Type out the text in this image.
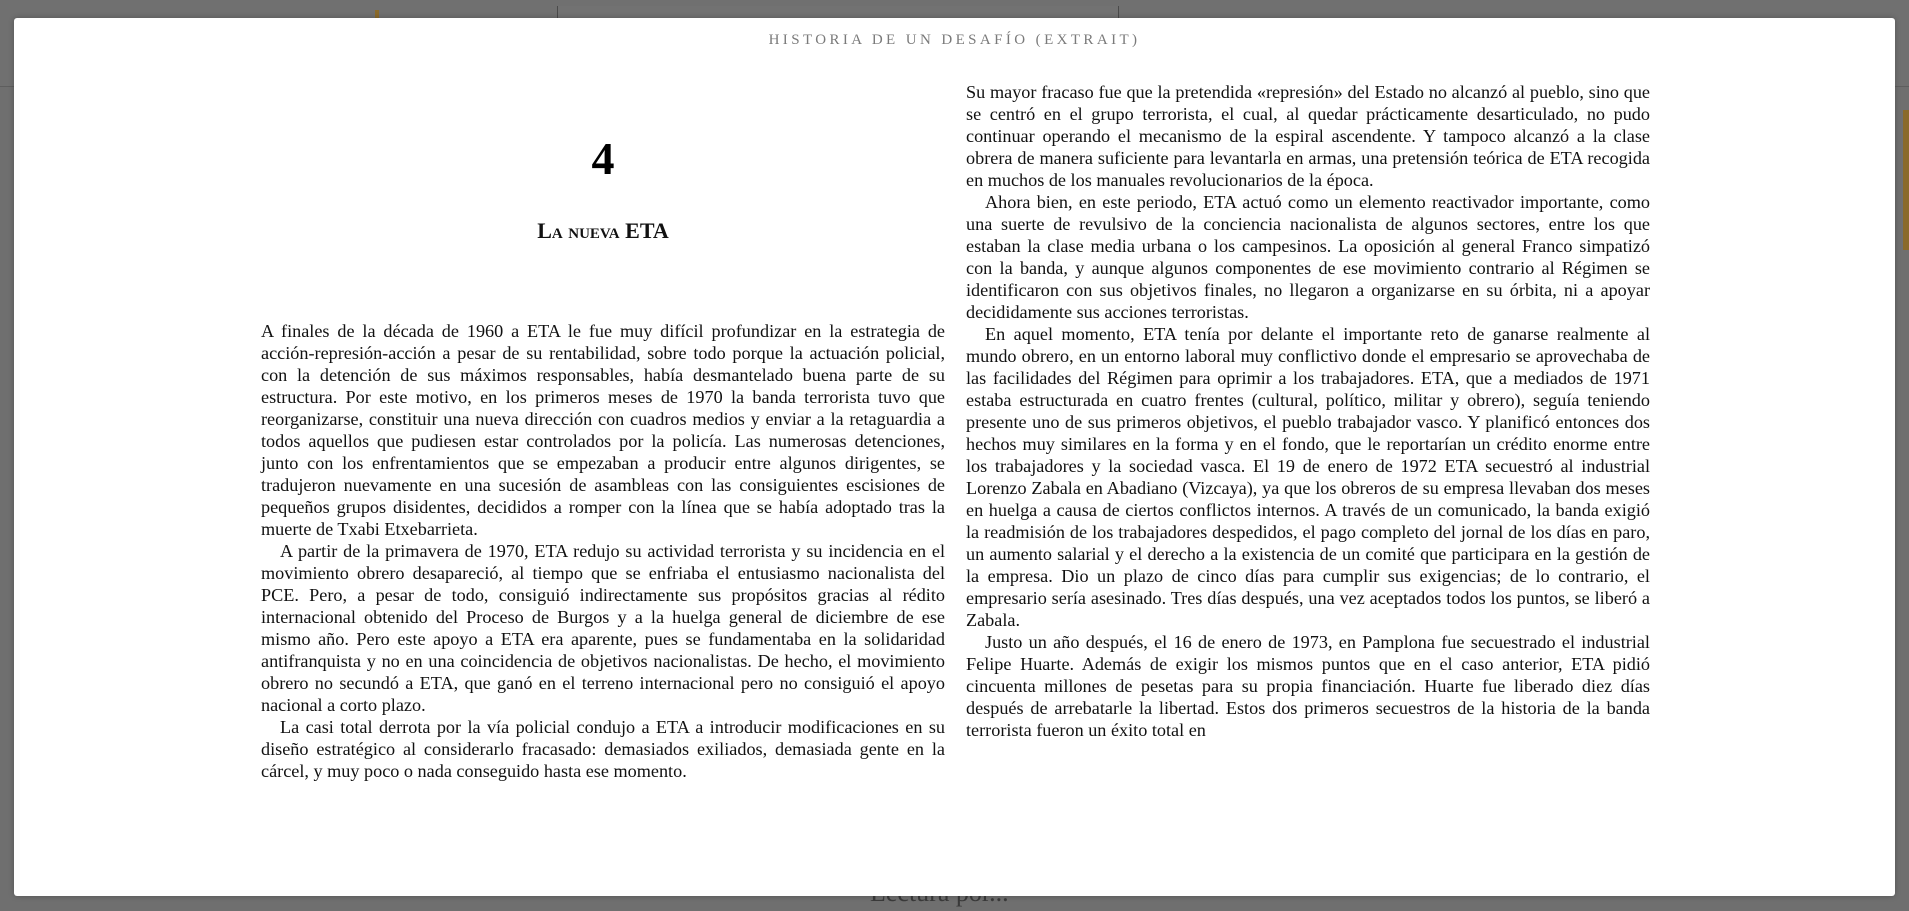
HISTORIA DE UN DESAFÍO (EXTRAIT)
4
La nueva ETA

A finales de la década de 1960 a ETA le fue muy difícil profundizar en la estrategia de acción-represión-acción a pesar de su rentabilidad, sobre todo porque la actuación policial, con la detención de sus máximos responsables, había desmantelado buena parte de su estructura. Por este motivo, en los primeros meses de 1970 la banda terrorista tuvo que reorganizarse, constituir una nueva dirección con cuadros medios y enviar a la retaguardia a todos aquellos que pudiesen estar controlados por la policía. Las numerosas detenciones, junto con los enfrentamientos que se empezaban a producir entre algunos dirigentes, se tradujeron nuevamente en una sucesión de asambleas con las consiguientes escisiones de pequeños grupos disidentes, decididos a romper con la línea que se había adoptado tras la muerte de Txabi Etxebarrieta.

A partir de la primavera de 1970, ETA redujo su actividad terrorista y su incidencia en el movimiento obrero desapareció, al tiempo que se enfriaba el entusiasmo nacionalista del PCE. Pero, a pesar de todo, consiguió indirectamente sus propósitos gracias al rédito internacional obtenido del Proceso de Burgos y a la huelga general de diciembre de ese mismo año. Pero este apoyo a ETA era aparente, pues se fundamentaba en la solidaridad antifranquista y no en una coincidencia de objetivos nacionalistas. De hecho, el movimiento obrero no secundó a ETA, que ganó en el terreno internacional pero no consiguió el apoyo nacional a corto plazo.

La casi total derrota por la vía policial condujo a ETA a introducir modificaciones en su diseño estratégico al considerarlo fracasado: demasiados exiliados, demasiada gente en la cárcel, y muy poco o nada conseguido hasta ese momento.

Su mayor fracaso fue que la pretendida «represión» del Estado no alcanzó al pueblo, sino que se centró en el grupo terrorista, el cual, al quedar prácticamente desarticulado, no pudo continuar operando el mecanismo de la espiral ascendente. Y tampoco alcanzó a la clase obrera de manera suficiente para levantarla en armas, una pretensión teórica de ETA recogida en muchos de los manuales revolucionarios de la época.

Ahora bien, en este periodo, ETA actuó como un elemento reactivador importante, como una suerte de revulsivo de la conciencia nacionalista de algunos sectores, entre los que estaban la clase media urbana o los campesinos. La oposición al general Franco simpatizó con la banda, y aunque algunos componentes de ese movimiento contrario al Régimen se identificaron con sus objetivos finales, no llegaron a organizarse en su órbita, ni a apoyar decididamente sus acciones terroristas.

En aquel momento, ETA tenía por delante el importante reto de ganarse realmente al mundo obrero, en un entorno laboral muy conflictivo donde el empresario se aprovechaba de las facilidades del Régimen para oprimir a los trabajadores. ETA, que a mediados de 1971 estaba estructurada en cuatro frentes (cultural, político, militar y obrero), seguía teniendo presente uno de sus primeros objetivos, el pueblo trabajador vasco. Y planificó entonces dos hechos muy similares en la forma y en el fondo, que le reportarían un crédito enorme entre los trabajadores y la sociedad vasca. El 19 de enero de 1972 ETA secuestró al industrial Lorenzo Zabala en Abadiano (Vizcaya), ya que los obreros de su empresa llevaban dos meses en huelga a causa de ciertos conflictos internos. A través de un comunicado, la banda exigió la readmisión de los trabajadores despedidos, el pago completo del jornal de los días en paro, un aumento salarial y el derecho a la existencia de un comité que participara en la gestión de la empresa. Dio un plazo de cinco días para cumplir sus exigencias; de lo contrario, el empresario sería asesinado. Tres días después, una vez aceptados todos los puntos, se liberó a Zabala.

Justo un año después, el 16 de enero de 1973, en Pamplona fue secuestrado el industrial Felipe Huarte. Además de exigir los mismos puntos que en el caso anterior, ETA pidió cincuenta millones de pesetas para su propia financiación. Huarte fue liberado diez días después de arrebatarle la libertad. Estos dos primeros secuestros de la historia de la banda terrorista fueron un éxito total en
